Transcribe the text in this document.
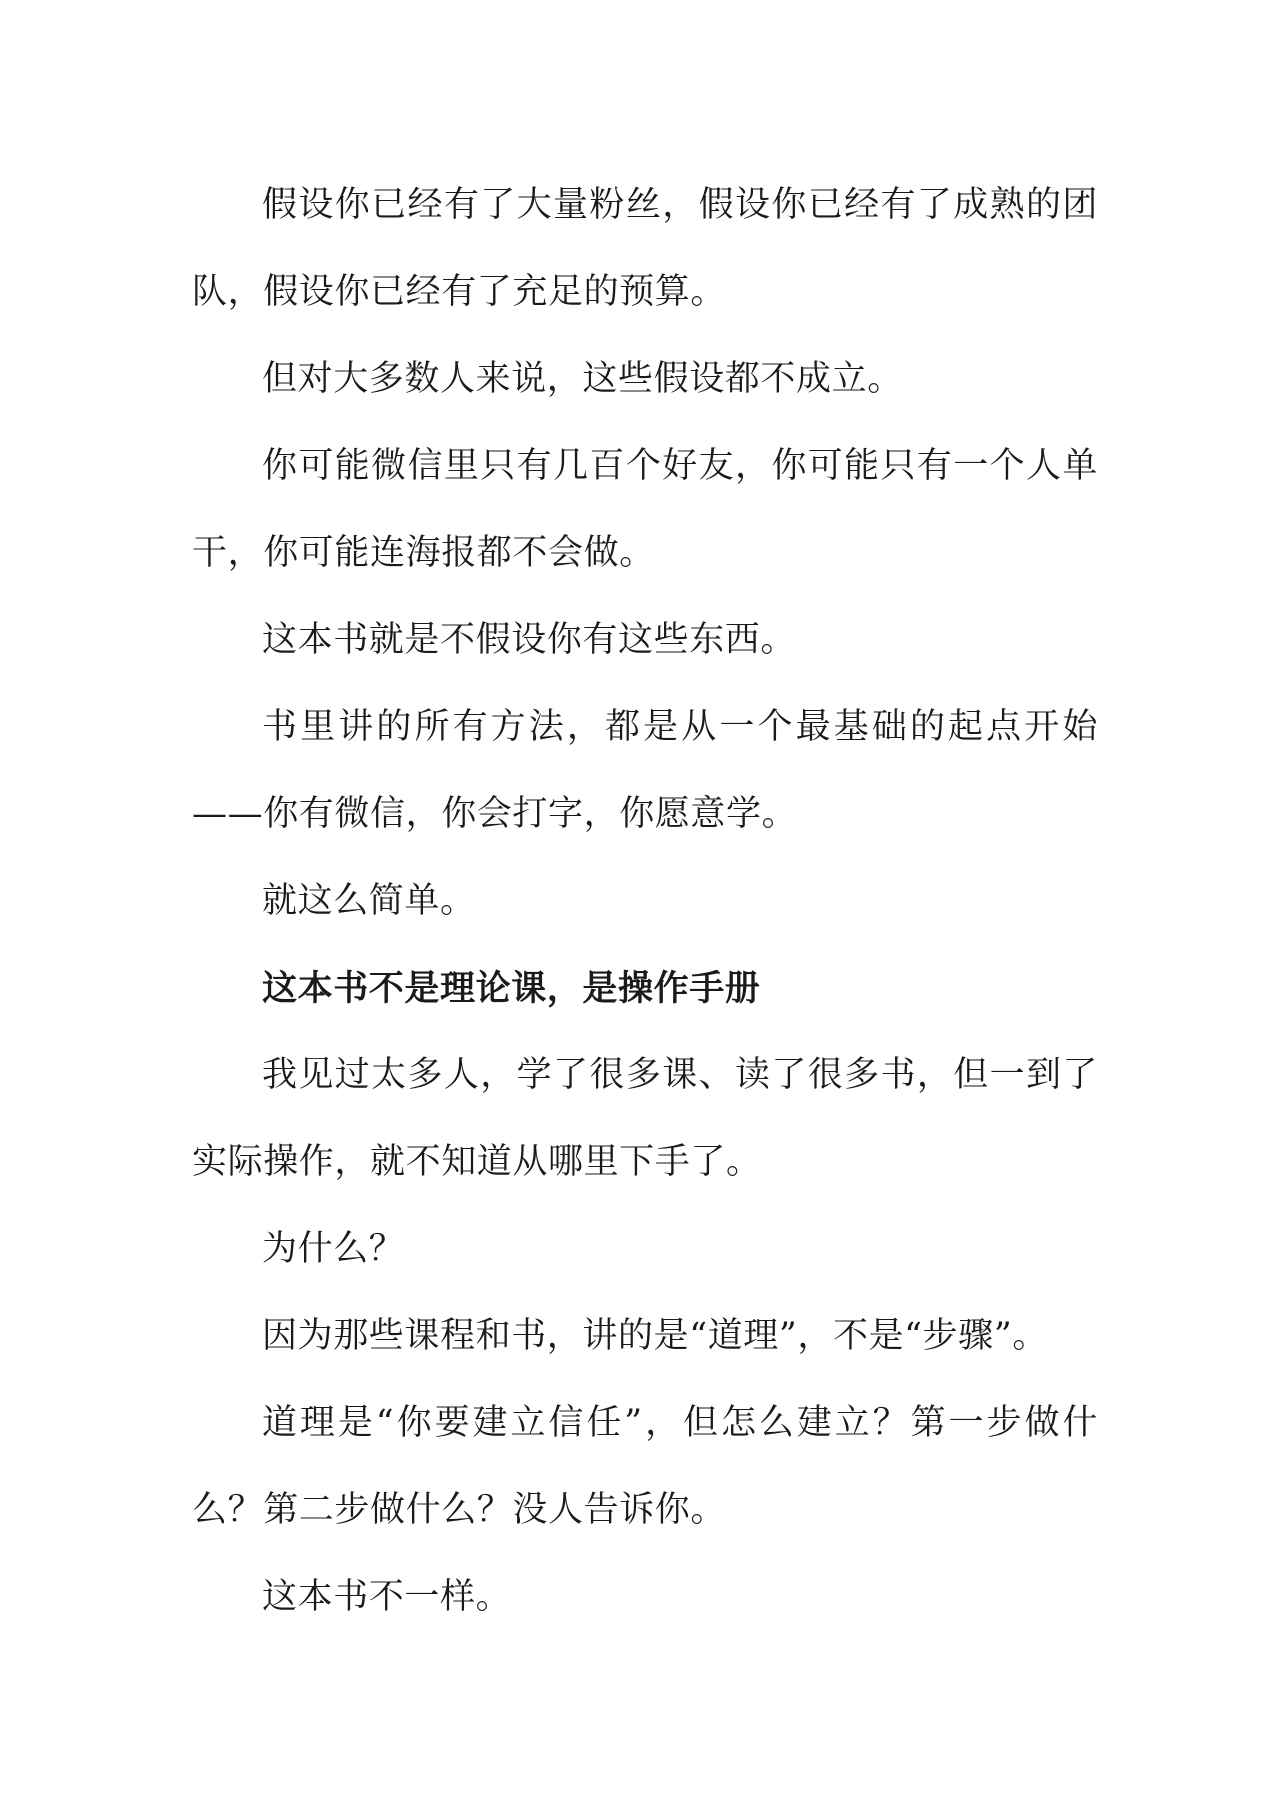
假设你已经有了大量粉丝，假设你已经有了成熟的团队，假设你已经有了充足的预算。

但对大多数人来说，这些假设都不成立。

你可能微信里只有几百个好友，你可能只有一个人单干，你可能连海报都不会做。

这本书就是不假设你有这些东西。

书里讲的所有方法，都是从一个最基础的起点开始——你有微信，你会打字，你愿意学。

就这么简单。

这本书不是理论课，是操作手册

我见过太多人，学了很多课、读了很多书，但一到了实际操作，就不知道从哪里下手了。

为什么？

因为那些课程和书，讲的是“道理”，不是“步骤”。

道理是“你要建立信任”，但怎么建立？第一步做什么？第二步做什么？没人告诉你。

这本书不一样。
